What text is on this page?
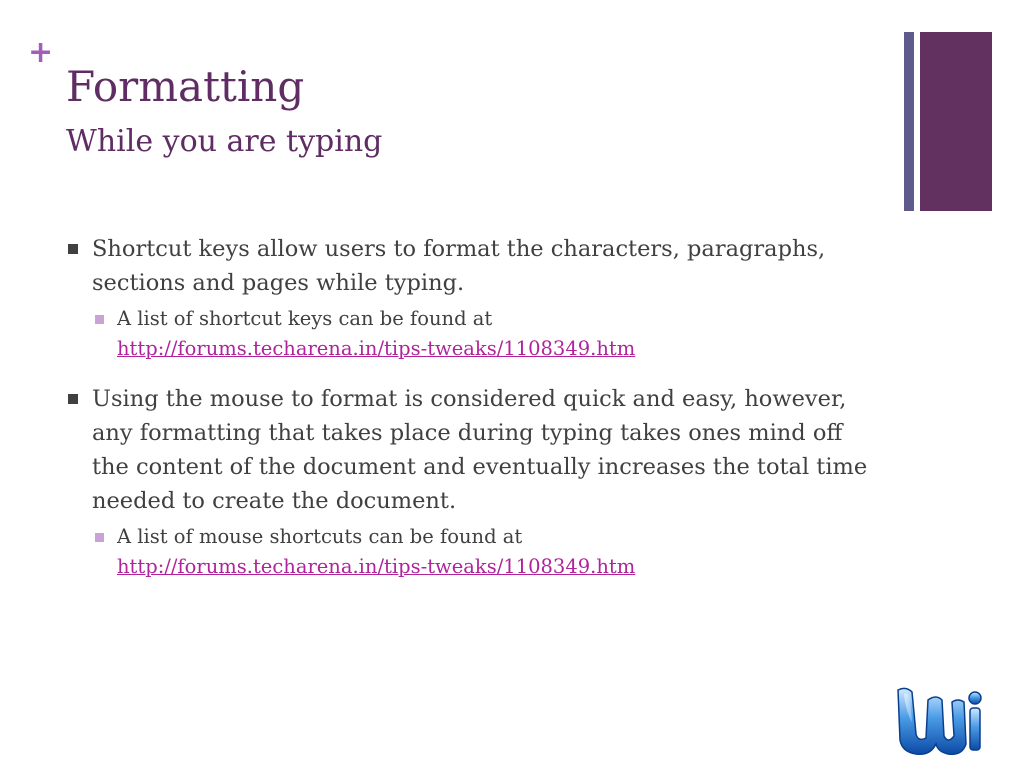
+
Formatting
While you are typing
Shortcut keys allow users to format the characters, paragraphs, sections and pages while typing.
A list of shortcut keys can be found at
http://forums.techarena.in/tips-tweaks/1108349.htm
Using the mouse to format is considered quick and easy, however, any formatting that takes place during typing takes ones mind off the content of the document and eventually increases the total time needed to create the document.
A list of mouse shortcuts can be found at
http://forums.techarena.in/tips-tweaks/1108349.htm
